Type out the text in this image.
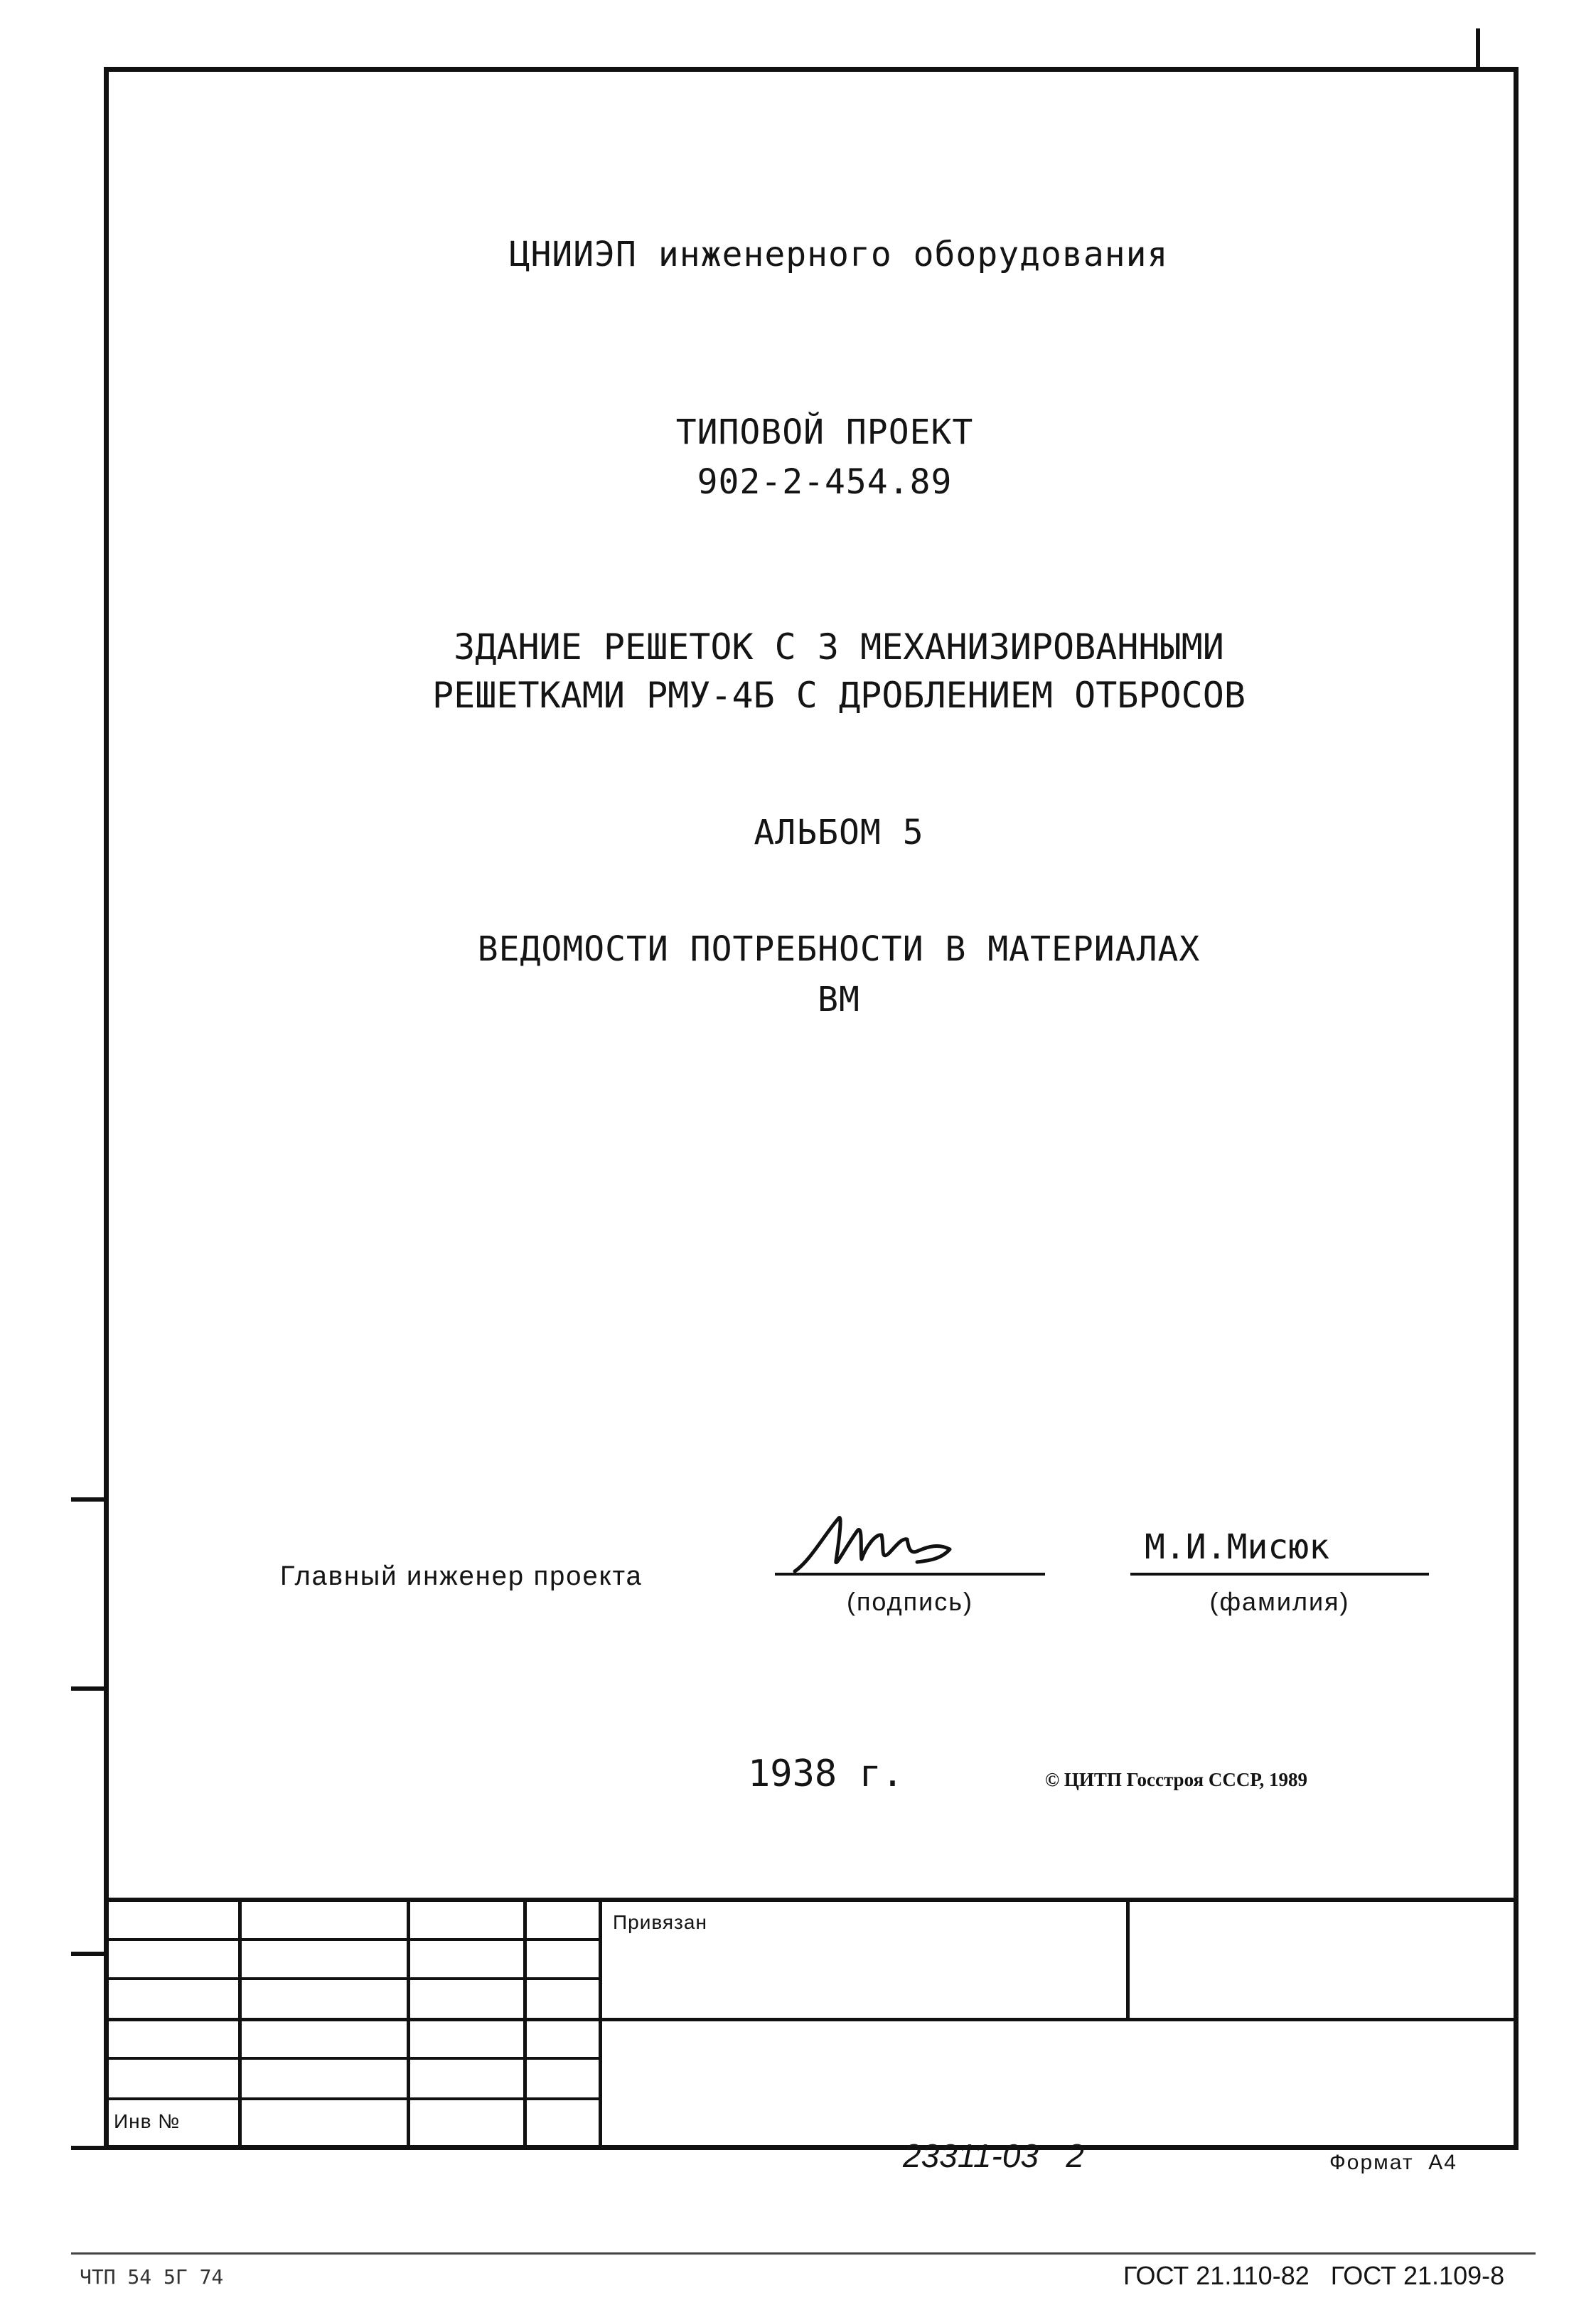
ЦНИИЭП инженерного оборудования
ТИПОВОЙ ПРОЕКТ
902-2-454.89
ЗДАНИЕ РЕШЕТОК С 3 МЕХАНИЗИРОВАННЫМИ
РЕШЕТКАМИ РМУ-4Б С ДРОБЛЕНИЕМ ОТБРОСОВ
АЛЬБОМ 5
ВЕДОМОСТИ ПОТРЕБНОСТИ В МАТЕРИАЛАХ
ВМ
Главный инженер проекта
(подпись)
М.И.Мисюк
(фамилия)
1938 г.	© ЦИТП Госстроя СССР, 1989
Привязан
Инв №
23311-03   2	Формат  А4
ЧТП 54 5Г 74	ГОСТ 21.110-82   ГОСТ 21.109-8
